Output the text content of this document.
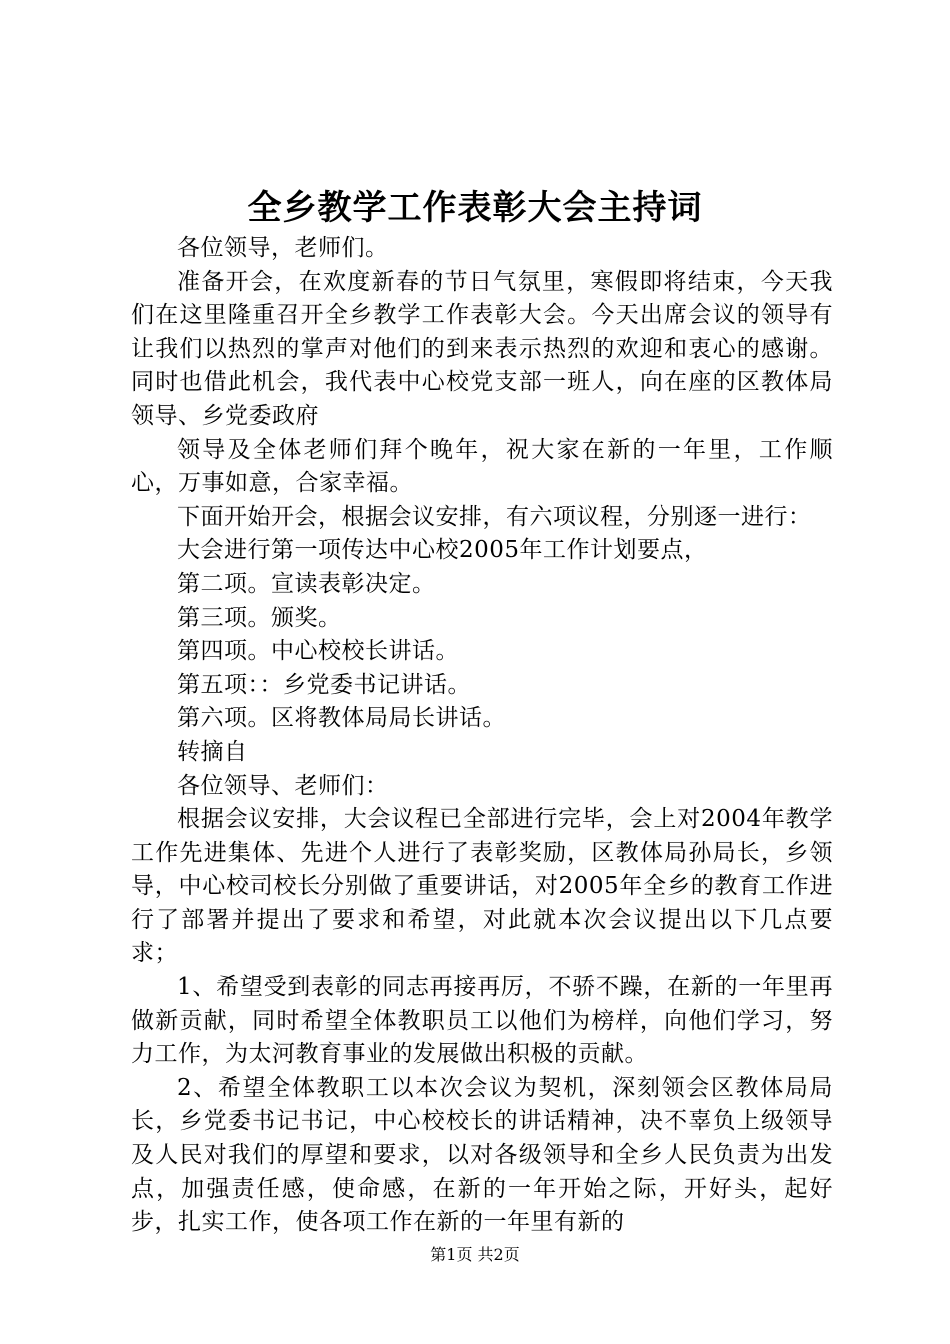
全乡教学工作表彰大会主持词

各位领导，老师们。

准备开会，在欢度新春的节日气氛里，寒假即将结束，今天我们在这里隆重召开全乡教学工作表彰大会。今天出席会议的领导有让我们以热烈的掌声对他们的到来表示热烈的欢迎和衷心的感谢。同时也借此机会，我代表中心校党支部一班人，向在座的区教体局领导、乡党委政府

领导及全体老师们拜个晚年，祝大家在新的一年里，工作顺心，万事如意，合家幸福。

下面开始开会，根据会议安排，有六项议程，分别逐一进行：

大会进行第一项传达中心校2005年工作计划要点，

第二项。宣读表彰决定。

第三项。颁奖。

第四项。中心校校长讲话。

第五项：：乡党委书记讲话。

第六项。区将教体局局长讲话。

转摘自

各位领导、老师们：

根据会议安排，大会议程已全部进行完毕，会上对2004年教学工作先进集体、先进个人进行了表彰奖励，区教体局孙局长，乡领导，中心校司校长分别做了重要讲话，对2005年全乡的教育工作进行了部署并提出了要求和希望，对此就本次会议提出以下几点要求；

1、希望受到表彰的同志再接再厉，不骄不躁，在新的一年里再做新贡献，同时希望全体教职员工以他们为榜样，向他们学习，努力工作，为太河教育事业的发展做出积极的贡献。

2、希望全体教职工以本次会议为契机，深刻领会区教体局局长，乡党委书记书记，中心校校长的讲话精神，决不辜负上级领导及人民对我们的厚望和要求，以对各级领导和全乡人民负责为出发点，加强责任感，使命感，在新的一年开始之际，开好头，起好步，扎实工作，使各项工作在新的一年里有新的

第1页 共2页
